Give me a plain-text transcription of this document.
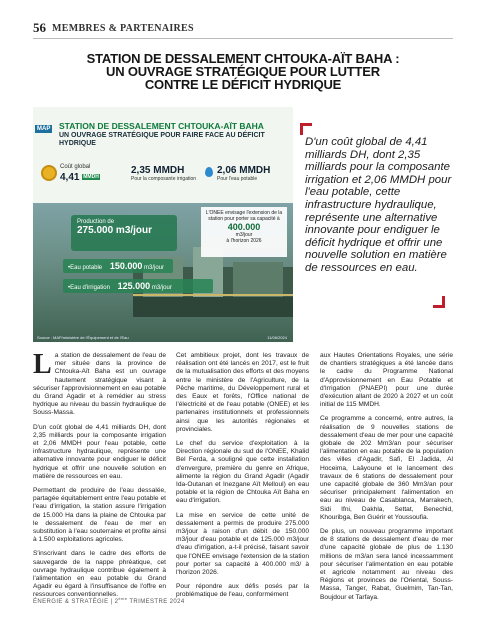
56 MEMBRES & PARTENAIRES
STATION DE DESSALEMENT CHTOUKA-AÏT BAHA :
UN OUVRAGE STRATÉGIQUE POUR LUTTER
CONTRE LE DÉFICIT HYDRIQUE
MAP STATION DE DESSALEMENT CHTOUKA-AÏT BAHA
UN OUVRAGE STRATÉGIQUE POUR FAIRE FACE AU DÉFICIT HYDRIQUE
Coût global
4,41 MMDH
2,35 MMDH
Pour la composante irrigation
2,06 MMDH
Pour l'eau potable
Production de
275.000 m3/jour
•Eau potable 150.000 m3/jour
•Eau d'irrigation 125.000 m3/jour
L'ONEE envisage l'extension de la station pour porter sa capacité à
400.000
m3/jour
à l'horizon 2026
Source : MAP/ministère de l'Équipement et de l'Eau	11/06/2024
D'un coût global de 4,41 milliards DH, dont 2,35 milliards pour la composante irrigation et 2,06 MMDH pour l'eau potable, cette infrastructure hydraulique, représente une alternative innovante pour endiguer le déficit hydrique et offrir une nouvelle solution en matière de ressources en eau.

La station de dessalement de l'eau de mer située dans la province de Chtouka-Aït Baha est un ouvrage hautement stratégique visant à sécuriser l'approvisionnement en eau potable du Grand Agadir et à remédier au stress hydrique au niveau du bassin hydraulique de Souss-Massa.

D'un coût global de 4,41 milliards DH, dont 2,35 milliards pour la composante irrigation et 2,06 MMDH pour l'eau potable, cette infrastructure hydraulique, représente une alternative innovante pour endiguer le déficit hydrique et offrir une nouvelle solution en matière de ressources en eau.

Permettant de produire de l'eau dessalée, partagée équitablement entre l'eau potable et l'eau d'irrigation, la station assure l'irrigation de 15.000 Ha dans la plaine de Chtouka par le dessalement de l'eau de mer en substitution à l'eau souterraine et profite ainsi à 1.500 exploitations agricoles.

S'inscrivant dans le cadre des efforts de sauvegarde de la nappe phréatique, cet ouvrage hydraulique contribue également à l'alimentation en eau potable du Grand Agadir eu égard à l'insuffisance de l'offre en ressources conventionnelles.

Cet ambitieux projet, dont les travaux de réalisation ont été lancés en 2017, est le fruit de la mutualisation des efforts et des moyens entre le ministère de l'Agriculture, de la Pêche maritime, du Développement rural et des Eaux et forêts, l'Office national de l'électricité et de l'eau potable (ONEE) et les partenaires institutionnels et professionnels ainsi que les autorités régionales et provinciales.

Le chef du service d'exploitation à la Direction régionale du sud de l'ONEE, Khalid Bel Ferda, a souligné que cette installation d'envergure, première du genre en Afrique, alimente la région du Grand Agadir (Agadir Ida-Outanan et Inezgane Aït Melloul) en eau potable et la région de Chtouka Aït Baha en eau d'irrigation.

La mise en service de cette unité de dessalement a permis de produire 275.000 m3/jour à raison d'un débit de 150.000 m3/jour d'eau potable et de 125.000 m3/jour d'eau d'irrigation, a-t-il précisé, faisant savoir que l'ONEE envisage l'extension de la station pour porter sa capacité à 400.000 m3/ à l'horizon 2026.

Pour répondre aux défis posés par la problématique de l'eau, conformément

aux Hautes Orientations Royales, une série de chantiers stratégiques a été lancée dans le cadre du Programme National d'Approvisionnement en Eau Potable et d'Irrigation (PNAEPI) pour une durée d'exécution allant de 2020 à 2027 et un coût initial de 115 MMDH.

Ce programme a concerné, entre autres, la réalisation de 9 nouvelles stations de dessalement d'eau de mer pour une capacité globale de 202 Mm3/an pour sécuriser l'alimentation en eau potable de la population des villes d'Agadir, Safi, El Jadida, Al Hoceima, Laâyoune et le lancement des travaux de 6 stations de dessalement pour une capacité globale de 360 Mm3/an pour sécuriser principalement l'alimentation en eau au niveau de Casablanca, Marrakech, Sidi Ifni, Dakhla, Settat, Benechid, Khouribga, Ben Guérir et Youssoufia.

De plus, un nouveau programme important de 8 stations de dessalement d'eau de mer d'une capacité globale de plus de 1.130 millions de m3/an sera lancé incessamment pour sécuriser l'alimentation en eau potable et agricole notamment au niveau des Régions et provinces de l'Oriental, Souss-Massa, Tanger, Rabat, Guelmim, Tan-Tan, Boujdour et Tarfaya.

ÉNERGIE & STRATÉGIE | 2ème TRIMESTRE 2024
